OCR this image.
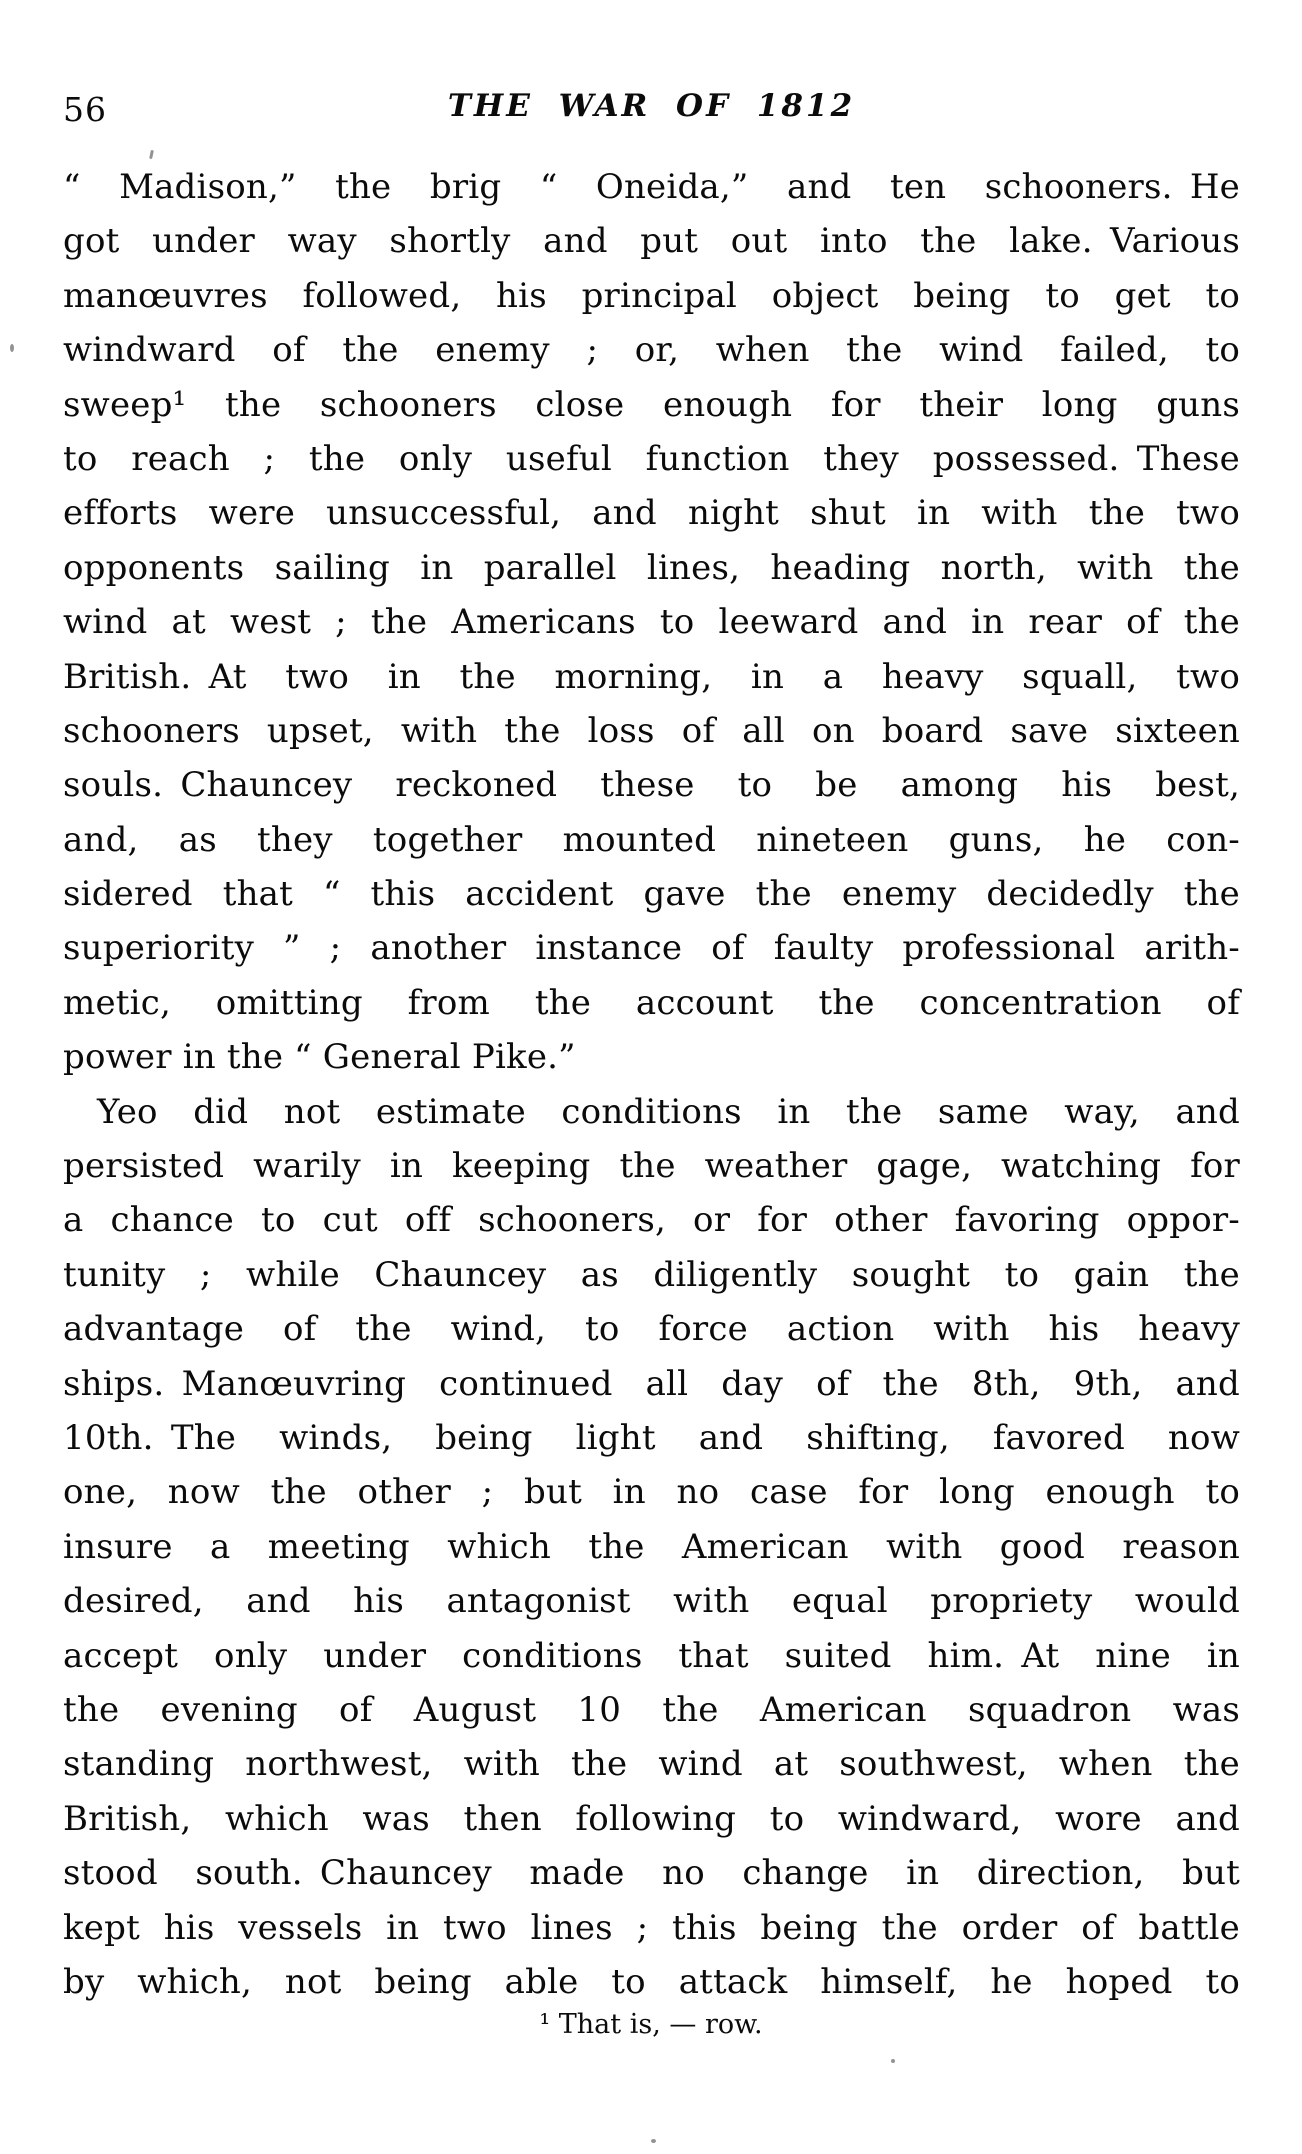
56	THE WAR OF 1812
“ Madison,” the brig “ Oneida,” and ten schooners. He
got under way shortly and put out into the lake. Various
manœuvres followed, his principal object being to get to
windward of the enemy ; or, when the wind failed, to
sweep¹ the schooners close enough for their long guns
to reach ; the only useful function they possessed. These
efforts were unsuccessful, and night shut in with the two
opponents sailing in parallel lines, heading north, with the
wind at west ; the Americans to leeward and in rear of the
British. At two in the morning, in a heavy squall, two
schooners upset, with the loss of all on board save sixteen
souls. Chauncey reckoned these to be among his best,
and, as they together mounted nineteen guns, he con-
sidered that “ this accident gave the enemy decidedly the
superiority ” ; another instance of faulty professional arith-
metic, omitting from the account the concentration of
power in the “ General Pike.”
Yeo did not estimate conditions in the same way, and
persisted warily in keeping the weather gage, watching for
a chance to cut off schooners, or for other favoring oppor-
tunity ; while Chauncey as diligently sought to gain the
advantage of the wind, to force action with his heavy
ships. Manœuvring continued all day of the 8th, 9th, and
10th. The winds, being light and shifting, favored now
one, now the other ; but in no case for long enough to
insure a meeting which the American with good reason
desired, and his antagonist with equal propriety would
accept only under conditions that suited him. At nine in
the evening of August 10 the American squadron was
standing northwest, with the wind at southwest, when the
British, which was then following to windward, wore and
stood south. Chauncey made no change in direction, but
kept his vessels in two lines ; this being the order of battle
by which, not being able to attack himself, he hoped to
¹ That is, — row.
